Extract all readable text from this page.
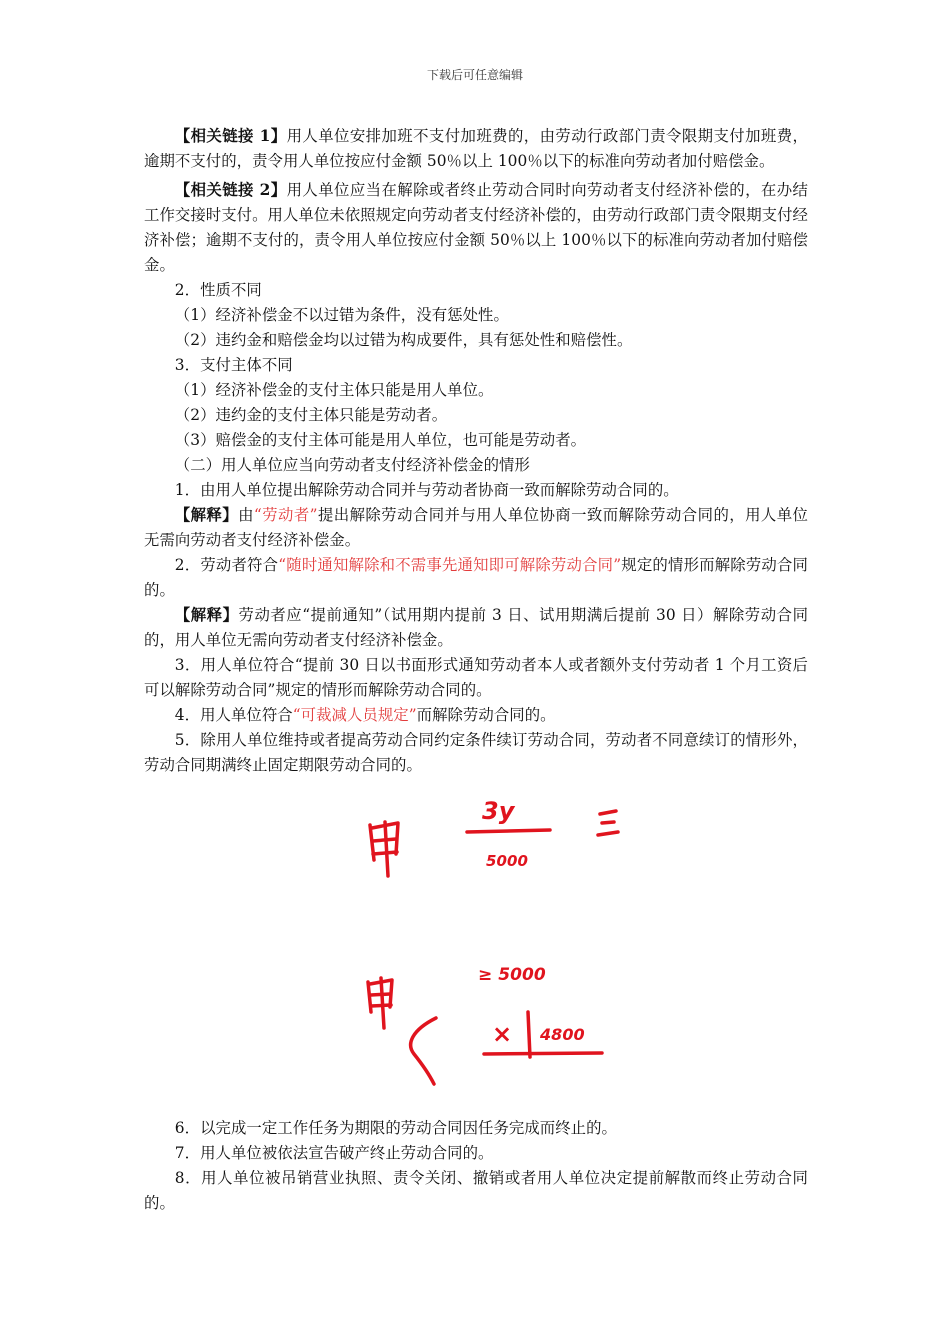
下载后可任意编辑

【相关链接 1】用人单位安排加班不支付加班费的，由劳动行政部门责令限期支付加班费，逾期不支付的，责令用人单位按应付金额 50％以上 100％以下的标准向劳动者加付赔偿金。

【相关链接 2】用人单位应当在解除或者终止劳动合同时向劳动者支付经济补偿的，在办结工作交接时支付。用人单位未依照规定向劳动者支付经济补偿的，由劳动行政部门责令限期支付经济补偿；逾期不支付的，责令用人单位按应付金额 50％以上 100％以下的标准向劳动者加付赔偿金。

2．性质不同

（1）经济补偿金不以过错为条件，没有惩处性。

（2）违约金和赔偿金均以过错为构成要件，具有惩处性和赔偿性。

3．支付主体不同

（1）经济补偿金的支付主体只能是用人单位。

（2）违约金的支付主体只能是劳动者。

（3）赔偿金的支付主体可能是用人单位，也可能是劳动者。

（二）用人单位应当向劳动者支付经济补偿金的情形

1．由用人单位提出解除劳动合同并与劳动者协商一致而解除劳动合同的。

【解释】由“劳动者”提出解除劳动合同并与用人单位协商一致而解除劳动合同的，用人单位无需向劳动者支付经济补偿金。

2．劳动者符合“随时通知解除和不需事先通知即可解除劳动合同”规定的情形而解除劳动合同的。

【解释】劳动者应“提前通知”（试用期内提前 3 日、试用期满后提前 30 日）解除劳动合同的，用人单位无需向劳动者支付经济补偿金。

3．用人单位符合“提前 30 日以书面形式通知劳动者本人或者额外支付劳动者 1 个月工资后可以解除劳动合同”规定的情形而解除劳动合同的。

4．用人单位符合“可裁减人员规定”而解除劳动合同的。

5．除用人单位维持或者提高劳动合同约定条件续订劳动合同，劳动者不同意续订的情形外，劳动合同期满终止固定期限劳动合同的。

3y
5000
≥ 5000
× 4800

6．以完成一定工作任务为期限的劳动合同因任务完成而终止的。

7．用人单位被依法宣告破产终止劳动合同的。

8．用人单位被吊销营业执照、责令关闭、撤销或者用人单位决定提前解散而终止劳动合同的。
